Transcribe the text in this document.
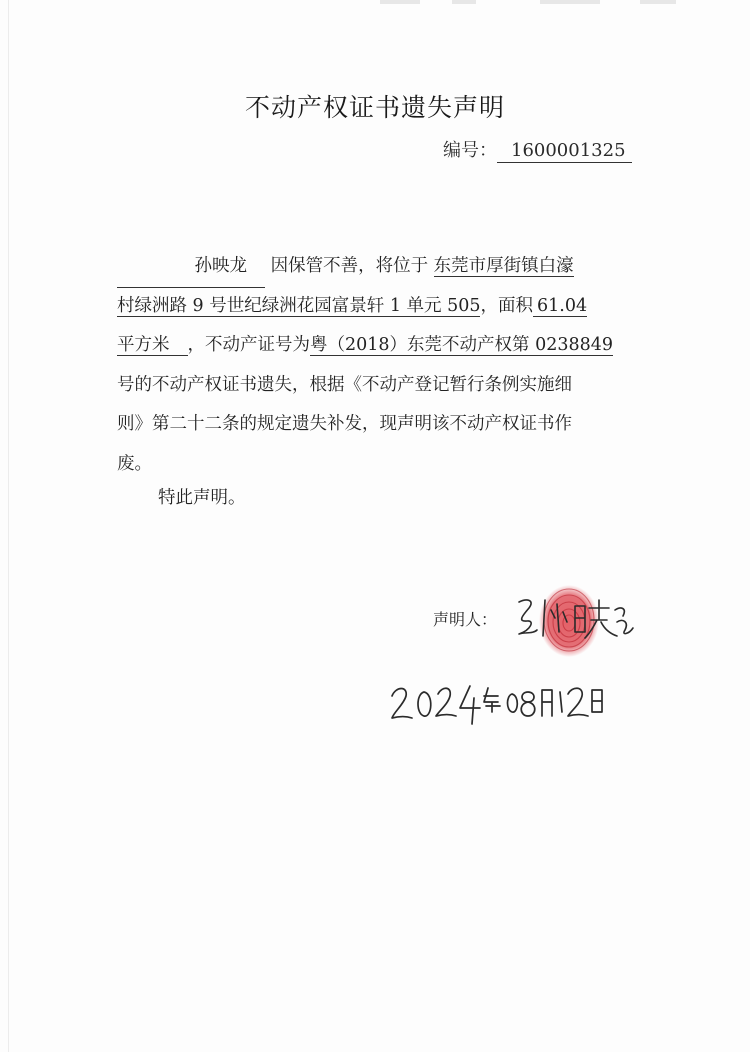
不动产权证书遗失声明
编号： 1600001325
孙映龙 因保管不善，将位于 东莞市厚街镇白濠
村绿洲路 9 号世纪绿洲花园富景轩 1 单元 505，面积 61.04
平方米 ，不动产证号为粤（2018）东莞不动产权第 0238849
号的不动产权证书遗失，根据《不动产登记暂行条例实施细
则》第二十二条的规定遗失补发，现声明该不动产权证书作
废。
特此声明。
声明人：
